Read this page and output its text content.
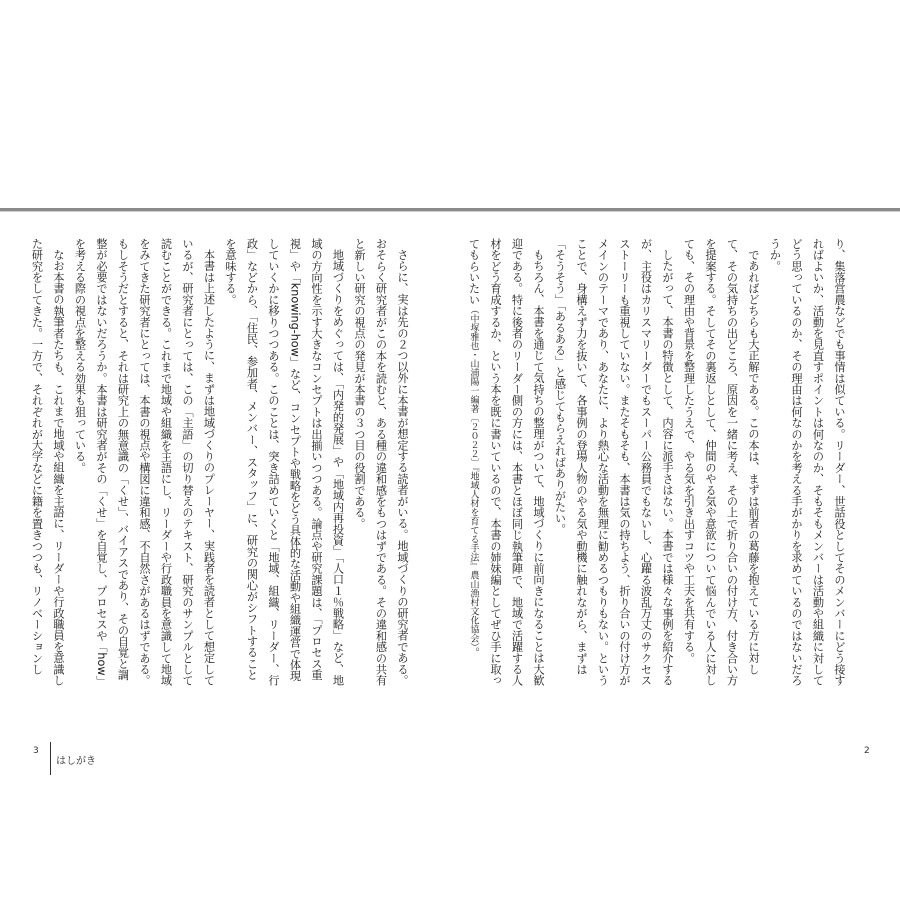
り、集落営農などでも事情は似ている。リーダー、世話役としてそのメンバーにどう接すればよいか、活動を見直すポイントは何なのか、そもそもメンバーは活動や組織に対してどう思っているのか、その理由は何なのかを考える手がかりを求めているのではないだろうか。

であればどちらも大正解である。この本は、まずは前者の葛藤を抱えている方に対して、その気持ちの出どころ、原因を一緒に考え、その上で折り合いの付け方、付き合い方を提案する。そしてその裏返しとして、仲間のやる気や意欲について悩んでいる人に対しても、その理由や背景を整理したうえで、やる気を引き出すコツや工夫を共有する。

したがって、本書の特徴として、内容に派手さはない。本書では様々な事例を紹介するが、主役はカリスマリーダーでもスーパー公務員でもないし、心躍る波乱万丈のサクセスストーリーも重視していない。またそもそも、本書は気の持ちよう、折り合いの付け方がメインのテーマであり、あなたに、より熱心な活動を無理に勧めるつもりもない。ということで、身構えず力を抜いて、各事例の登場人物のやる気や動機に触れながら、まずは「そうそう」「あるある」と感じてもらえればありがたい。

もちろん、本書を通じて気持ちの整理がついて、地域づくりに前向きになることは大歓迎である。特に後者のリーダー側の方には、本書とほぼ同じ執筆陣で、地域で活躍する人材をどう育成するか、という本を既に書いているので、本書の姉妹編としてぜひ手に取ってもらいたい（中塚雅也・山浦陽一編著〔２０２２〕『地域人材を育てる手法』農山漁村文化協会）。

さらに、実は先の２つ以外に本書が想定する読者がいる。地域づくりの研究者である。おそらく研究者がこの本を読むと、ある種の違和感をもつはずである。その違和感の共有と新しい研究の視点の発見が本書の３つ目の役割である。

地域づくりをめぐっては、「内発的発展」や「地域内再投資」「人口１％戦略」など、地域の方向性を示す大きなコンセプトは出揃いつつある。論点や研究課題は、「プロセス重視」や「knowing-how」など、コンセプトや戦略をどう具体的な活動や組織運営で体現していくかに移りつつある。このことは、突き詰めていくと「地域、組織、リーダー、行政」などから、「住民、参加者、メンバー、スタッフ」に、研究の関心がシフトすることを意味する。

本書は上述したように、まずは地域づくりのプレーヤー、実践者を読者として想定しているが、研究者にとっては、この「主語」の切り替えのテキスト、研究のサンプルとして読むことができる。これまで地域や組織を主語にし、リーダーや行政職員を意識して地域をみてきた研究者にとっては、本書の視点や構図に違和感、不自然さがあるはずである。もしそうだとすると、それは研究上の無意識の「くせ」、バイアスであり、その自覚と調整が必要ではないだろうか。本書は研究者がその「くせ」を自覚し、プロセスや「how」を考える際の視点を整える効果も狙っている。

なお本書の執筆者たちも、これまで地域や組織を主語に、リーダーや行政職員を意識した研究をしてきた。一方で、それぞれが大学などに籍を置きつつも、リノベーションし

2
3
はしがき
